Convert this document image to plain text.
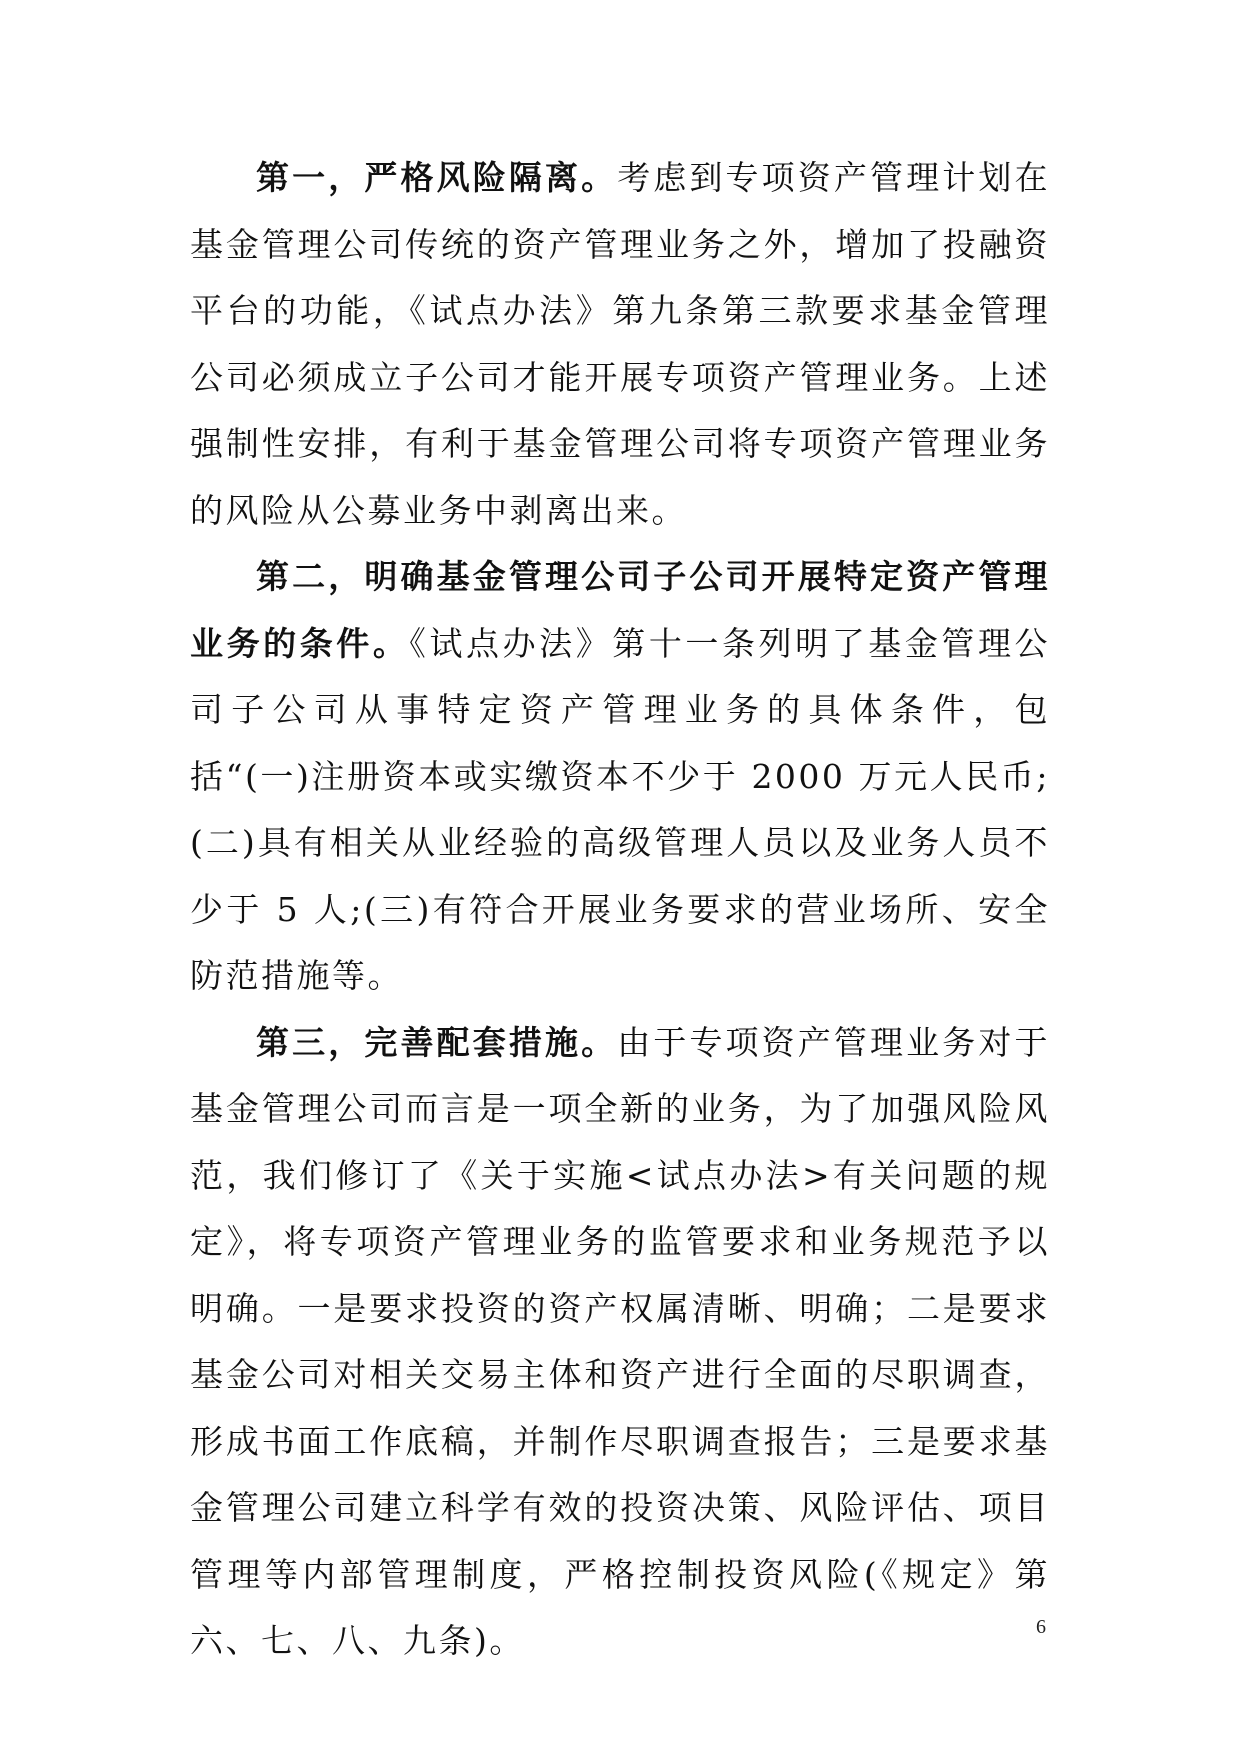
第一，严格风险隔离。考虑到专项资产管理计划在基金管理公司传统的资产管理业务之外，增加了投融资平台的功能，《试点办法》第九条第三款要求基金管理公司必须成立子公司才能开展专项资产管理业务。上述强制性安排，有利于基金管理公司将专项资产管理业务的风险从公募业务中剥离出来。

第二，明确基金管理公司子公司开展特定资产管理业务的条件。《试点办法》第十一条列明了基金管理公司子公司从事特定资产管理业务的具体条件，包括“(一)注册资本或实缴资本不少于 2000 万元人民币;(二)具有相关从业经验的高级管理人员以及业务人员不少于 5 人;(三)有符合开展业务要求的营业场所、安全防范措施等。

第三，完善配套措施。由于专项资产管理业务对于基金管理公司而言是一项全新的业务，为了加强风险风范，我们修订了《关于实施<试点办法>有关问题的规定》，将专项资产管理业务的监管要求和业务规范予以明确。一是要求投资的资产权属清晰、明确；二是要求基金公司对相关交易主体和资产进行全面的尽职调查，形成书面工作底稿，并制作尽职调查报告；三是要求基金管理公司建立科学有效的投资决策、风险评估、项目管理等内部管理制度，严格控制投资风险(《规定》第六、七、八、九条)。	6
